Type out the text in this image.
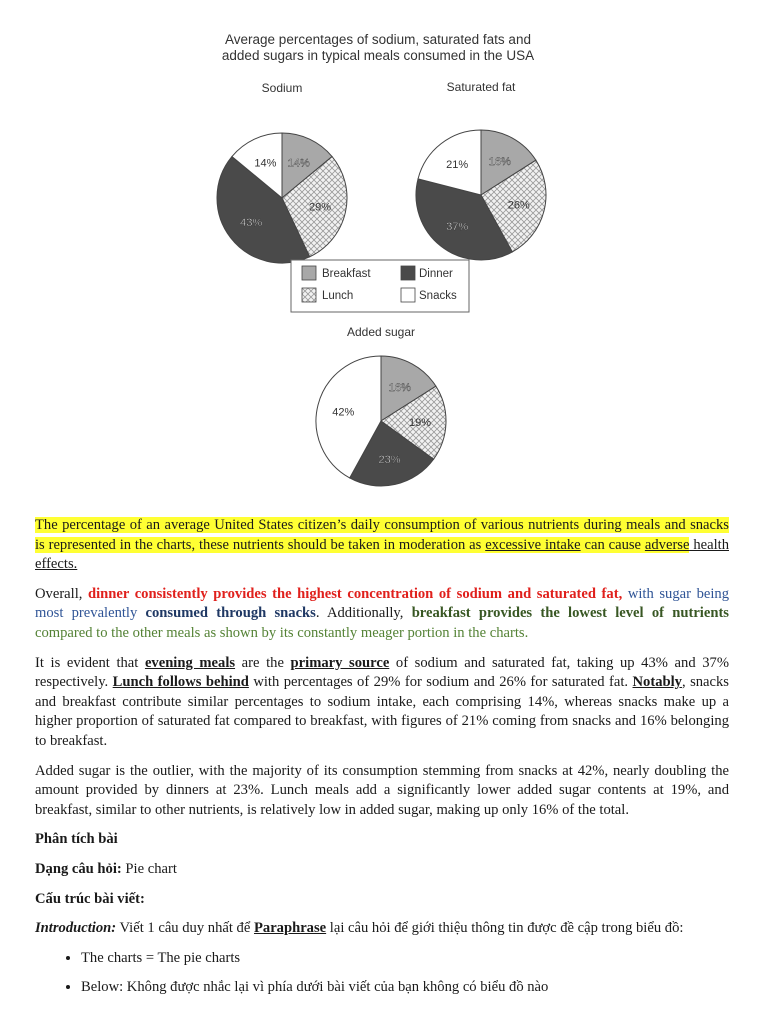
Average percentages of sodium, saturated fats and
added sugars in typical meals consumed in the USA
Sodium
14%
29%
43%
14%
Saturated fat
16%
26%
37%
21%
Added sugar
16%
19%
23%
42%
Breakfast	Dinner
Lunch	Snacks

The percentage of an average United States citizen’s daily consumption of various nutrients during meals and snacks is represented in the charts, these nutrients should be taken in moderation as excessive intake can cause adverse health effects.

Overall, dinner consistently provides the highest concentration of sodium and saturated fat, with sugar being most prevalently consumed through snacks. Additionally, breakfast provides the lowest level of nutrients compared to the other meals as shown by its constantly meager portion in the charts.

It is evident that evening meals are the primary source of sodium and saturated fat, taking up 43% and 37% respectively. Lunch follows behind with percentages of 29% for sodium and 26% for saturated fat. Notably, snacks and breakfast contribute similar percentages to sodium intake, each comprising 14%, whereas snacks make up a higher proportion of saturated fat compared to breakfast, with figures of 21% coming from snacks and 16% belonging to breakfast.

Added sugar is the outlier, with the majority of its consumption stemming from snacks at 42%, nearly doubling the amount provided by dinners at 23%. Lunch meals add a significantly lower added sugar contents at 19%, and breakfast, similar to other nutrients, is relatively low in added sugar, making up only 16% of the total.

Phân tích bài

Dạng câu hỏi: Pie chart

Cấu trúc bài viết:

Introduction: Viết 1 câu duy nhất để Paraphrase lại câu hỏi để giới thiệu thông tin được đề cập trong biểu đồ:

• The charts = The pie charts
• Below: Không được nhắc lại vì phía dưới bài viết của bạn không có biểu đồ nào
